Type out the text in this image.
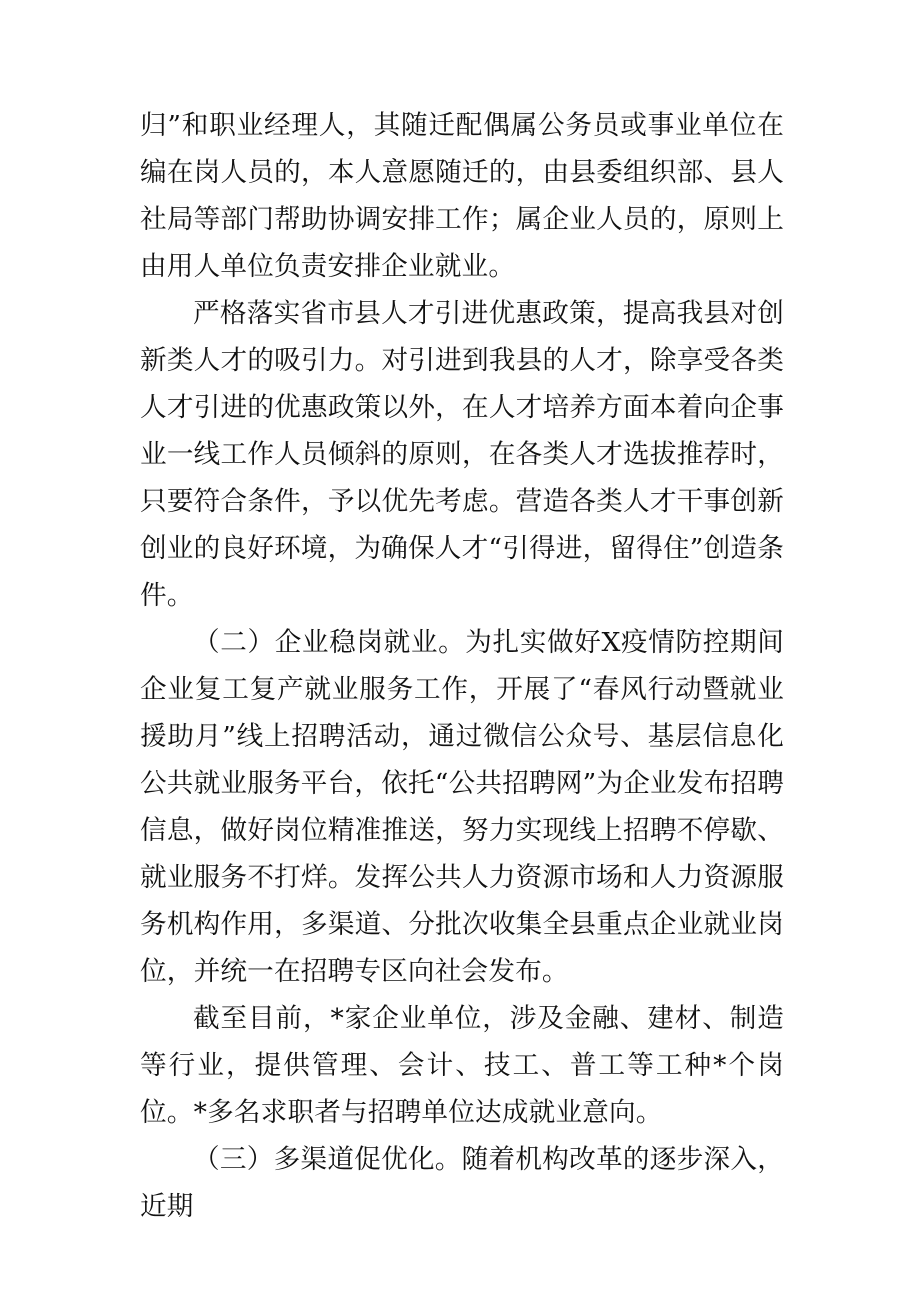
归”和职业经理人，其随迁配偶属公务员或事业单位在编在岗人员的，本人意愿随迁的，由县委组织部、县人社局等部门帮助协调安排工作；属企业人员的，原则上由用人单位负责安排企业就业。

严格落实省市县人才引进优惠政策，提高我县对创新类人才的吸引力。对引进到我县的人才，除享受各类人才引进的优惠政策以外，在人才培养方面本着向企事业一线工作人员倾斜的原则，在各类人才选拔推荐时，只要符合条件，予以优先考虑。营造各类人才干事创新创业的良好环境，为确保人才“引得进，留得住”创造条件。

（二）企业稳岗就业。为扎实做好X疫情防控期间企业复工复产就业服务工作，开展了“春风行动暨就业援助月”线上招聘活动，通过微信公众号、基层信息化公共就业服务平台，依托“公共招聘网”为企业发布招聘信息，做好岗位精准推送，努力实现线上招聘不停歇、就业服务不打烊。发挥公共人力资源市场和人力资源服务机构作用，多渠道、分批次收集全县重点企业就业岗位，并统一在招聘专区向社会发布。

截至目前，*家企业单位，涉及金融、建材、制造等行业，提供管理、会计、技工、普工等工种*个岗位。*多名求职者与招聘单位达成就业意向。

（三）多渠道促优化。随着机构改革的逐步深入，近期
